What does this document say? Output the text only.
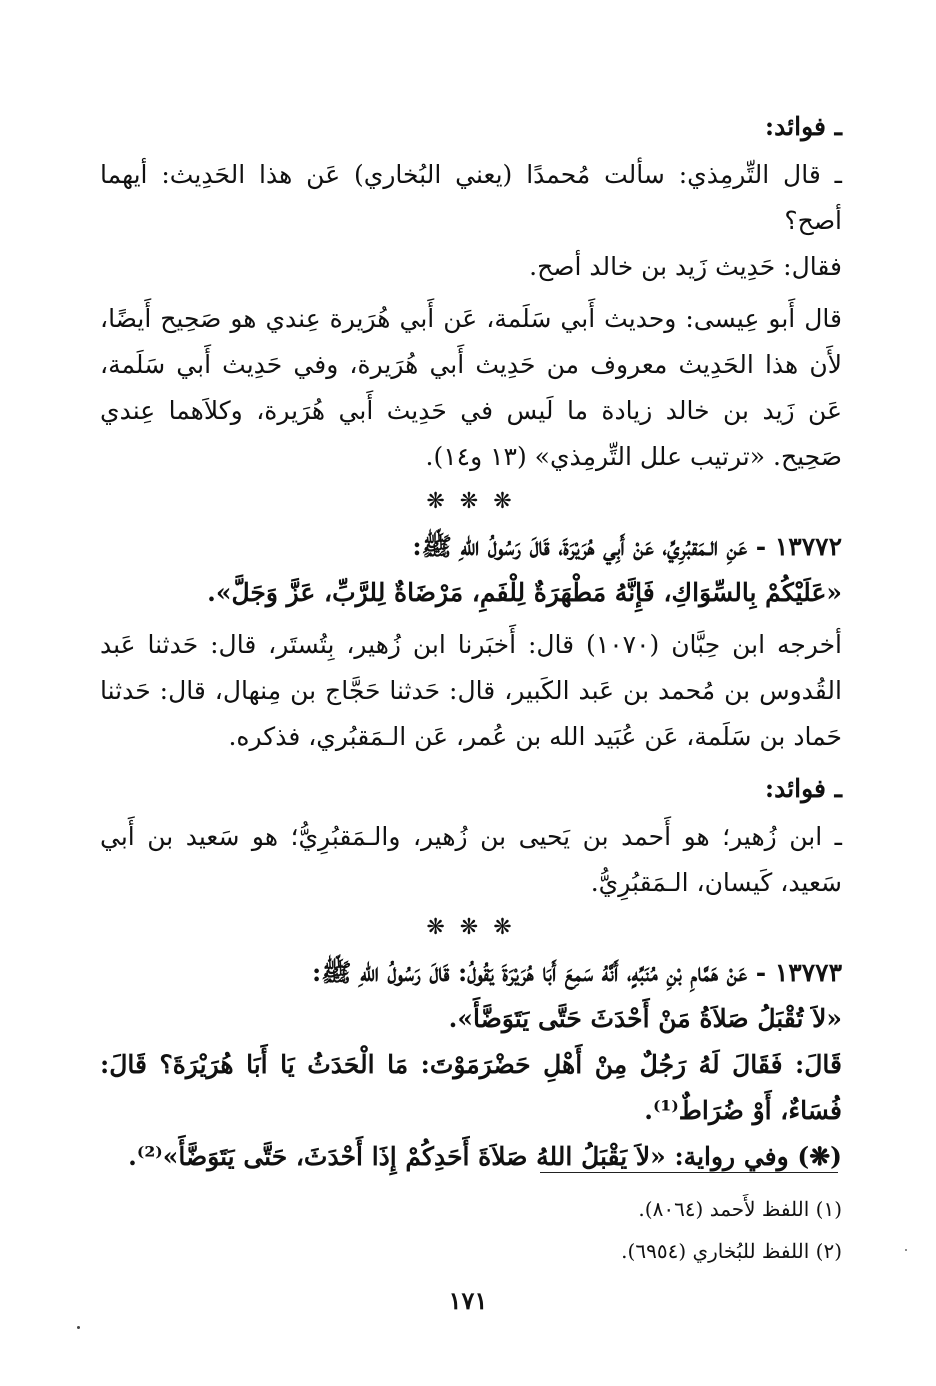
ـ فوائد:

ـ قال التِّرمِذي: سألت مُحمدًا (يعني البُخاري) عَن هذا الحَدِيث: أيهما أصح؟

فقال: حَدِيث زَيد بن خالد أصح.

قال أَبو عِيسى: وحديث أَبي سَلَمة، عَن أَبي هُرَيرة عِندي هو صَحِيح أَيضًا، لأَن هذا الحَدِيث معروف من حَدِيث أَبي هُرَيرة، وفي حَدِيث أَبي سَلَمة، عَن زَيد بن خالد زيادة ما لَيس في حَدِيث أَبي هُرَيرة، وكلاَهما عِندي صَحِيح. «ترتيب علل التِّرمِذي» (١٣ و١٤).

❋ ❋ ❋

١٣٧٧٢ - عَنِ الـمَقبُرِيِّ، عَنْ أَبِي هُرَيْرَةَ، قَالَ رَسُولُ اللهِ ﷺ:

«عَلَيْكُمْ بِالسِّوَاكِ، فَإِنَّهُ مَطْهَرَةٌ لِلْفَمِ، مَرْضَاةٌ لِلرَّبِّ، عَزَّ وَجَلَّ».

أخرجه ابن حِبَّان (١٠٧٠) قال: أَخبَرنا ابن زُهير، بِتُستَر، قال: حَدثنا عَبد القُدوس بن مُحمد بن عَبد الكَبير، قال: حَدثنا حَجَّاج بن مِنهال، قال: حَدثنا حَماد بن سَلَمة، عَن عُبَيد الله بن عُمر، عَن الـمَقبُري، فذكره.

ـ فوائد:

ـ ابن زُهير؛ هو أَحمد بن يَحيى بن زُهير، والـمَقبُرِيُّ؛ هو سَعيد بن أَبي سَعيد، كَيسان، الـمَقبُرِيُّ.

❋ ❋ ❋

١٣٧٧٣ - عَنْ هَمَّامِ بْنِ مُنَبِّهٍ، أَنَّهُ سَمِعَ أَبَا هُرَيْرَةَ يَقُولُ: قَالَ رَسُولُ اللهِ ﷺ:

«لاَ تُقْبَلُ صَلاَةُ مَنْ أَحْدَثَ حَتَّى يَتَوَضَّأَ».

قَالَ: فَقَالَ لَهُ رَجُلٌ مِنْ أَهْلِ حَضْرَمَوْتَ: مَا الْحَدَثُ يَا أَبَا هُرَيْرَةَ؟ قَالَ: فُسَاءٌ، أَوْ ضُرَاطٌ⁽¹⁾.

(❋) وفي رواية: «لاَ يَقْبَلُ اللهُ صَلاَةَ أَحَدِكُمْ إِذَا أَحْدَثَ، حَتَّى يَتَوَضَّأَ»⁽²⁾.

(١) اللفظ لأَحمد (٨٠٦٤).

(٢) اللفظ للبُخاري (٦٩٥٤).

١٧١
